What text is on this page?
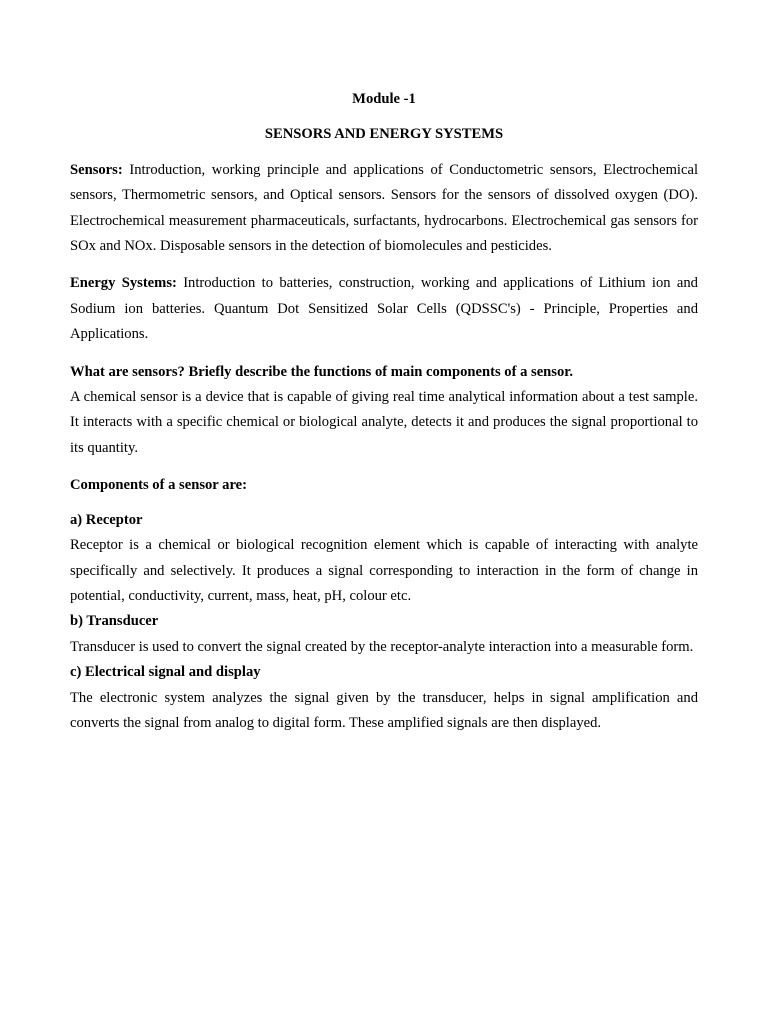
Module -1

SENSORS AND ENERGY SYSTEMS

Sensors: Introduction, working principle and applications of Conductometric sensors, Electrochemical sensors, Thermometric sensors, and Optical sensors. Sensors for the sensors of dissolved oxygen (DO). Electrochemical measurement pharmaceuticals, surfactants, hydrocarbons. Electrochemical gas sensors for SOx and NOx. Disposable sensors in the detection of biomolecules and pesticides.

Energy Systems: Introduction to batteries, construction, working and applications of Lithium ion and Sodium ion batteries. Quantum Dot Sensitized Solar Cells (QDSSC's) - Principle, Properties and Applications.

What are sensors? Briefly describe the functions of main components of a sensor.

A chemical sensor is a device that is capable of giving real time analytical information about a test sample. It interacts with a specific chemical or biological analyte, detects it and produces the signal proportional to its quantity.

Components of a sensor are:

a) Receptor

Receptor is a chemical or biological recognition element which is capable of interacting with analyte specifically and selectively. It produces a signal corresponding to interaction in the form of change in potential, conductivity, current, mass, heat, pH, colour etc.

b) Transducer

Transducer is used to convert the signal created by the receptor-analyte interaction into a measurable form.

c) Electrical signal and display

The electronic system analyzes the signal given by the transducer, helps in signal amplification and converts the signal from analog to digital form. These amplified signals are then displayed.
